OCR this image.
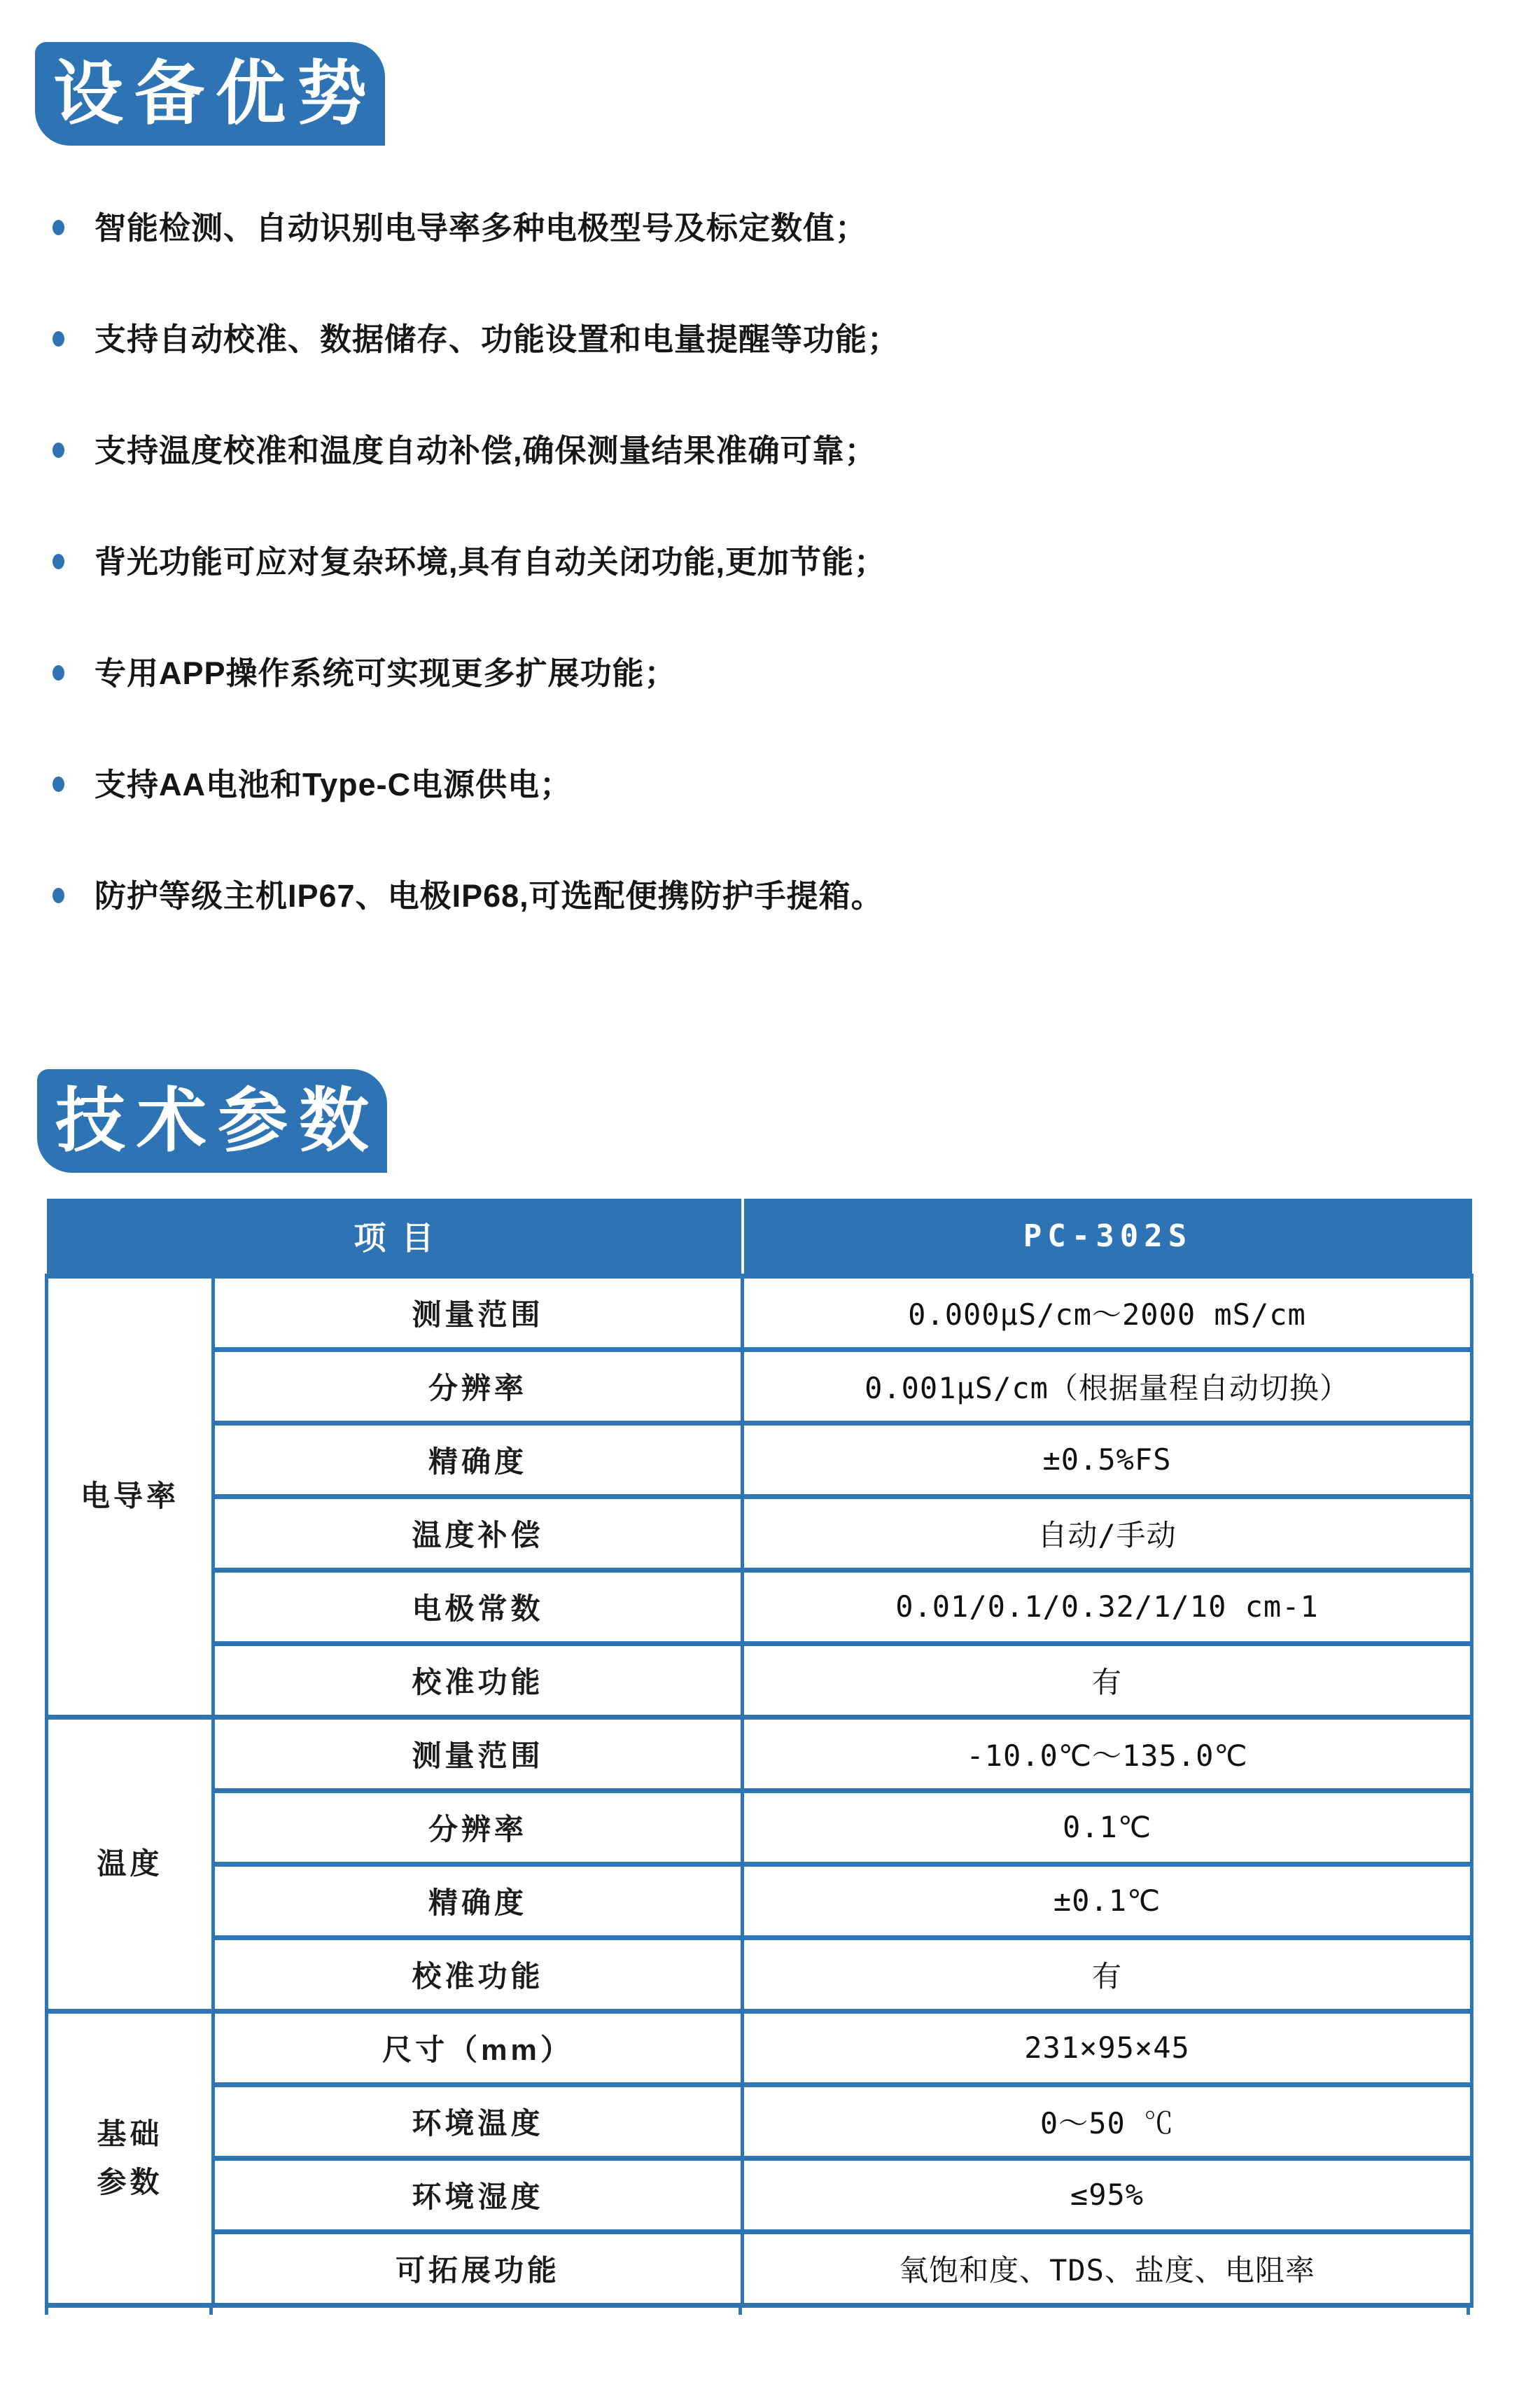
设备优势
智能检测、自动识别电导率多种电极型号及标定数值；
支持自动校准、数据储存、功能设置和电量提醒等功能；
支持温度校准和温度自动补偿,确保测量结果准确可靠；
背光功能可应对复杂环境,具有自动关闭功能,更加节能；
专用APP操作系统可实现更多扩展功能；
支持AA电池和Type-C电源供电；
防护等级主机IP67、电极IP68,可选配便携防护手提箱。
技术参数
项目		PC-302S
电导率	测量范围	0.000μS/cm～2000 mS/cm
	分辨率	0.001μS/cm（根据量程自动切换）
	精确度	±0.5%FS
	温度补偿	自动/手动
	电极常数	0.01/0.1/0.32/1/10 cm-1
	校准功能	有
温度	测量范围	-10.0℃～135.0℃
	分辨率	0.1℃
	精确度	±0.1℃
	校准功能	有
基础参数	尺寸（mm）	231×95×45
	环境温度	0～50 ℃
	环境湿度	≤95%
	可拓展功能	氧饱和度、TDS、盐度、电阻率
